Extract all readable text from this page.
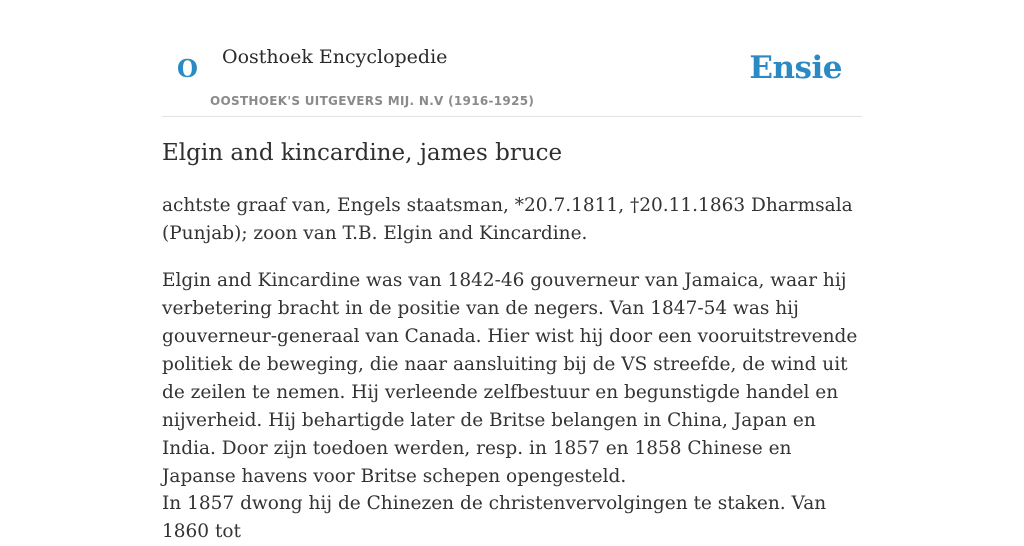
O Oosthoek Encyclopedie
OOSTHOEK'S UITGEVERS MIJ. N.V (1916-1925)
Ensie
Elgin and kincardine, james bruce

achtste graaf van, Engels staatsman, *20.7.1811, †20.11.1863 Dharmsala (Punjab); zoon van T.B. Elgin and Kincardine.

Elgin and Kincardine was van 1842-46 gouverneur van Jamaica, waar hij verbetering bracht in de positie van de negers. Van 1847-54 was hij gouverneur-generaal van Canada. Hier wist hij door een vooruitstrevende politiek de beweging, die naar aansluiting bij de VS streefde, de wind uit de zeilen te nemen. Hij verleende zelfbestuur en begunstigde handel en nijverheid. Hij behartigde later de Britse belangen in China, Japan en India. Door zijn toedoen werden, resp. in 1857 en 1858 Chinese en Japanse havens voor Britse schepen opengesteld.

In 1857 dwong hij de Chinezen de christenvervolgingen te staken. Van 1860 tot
